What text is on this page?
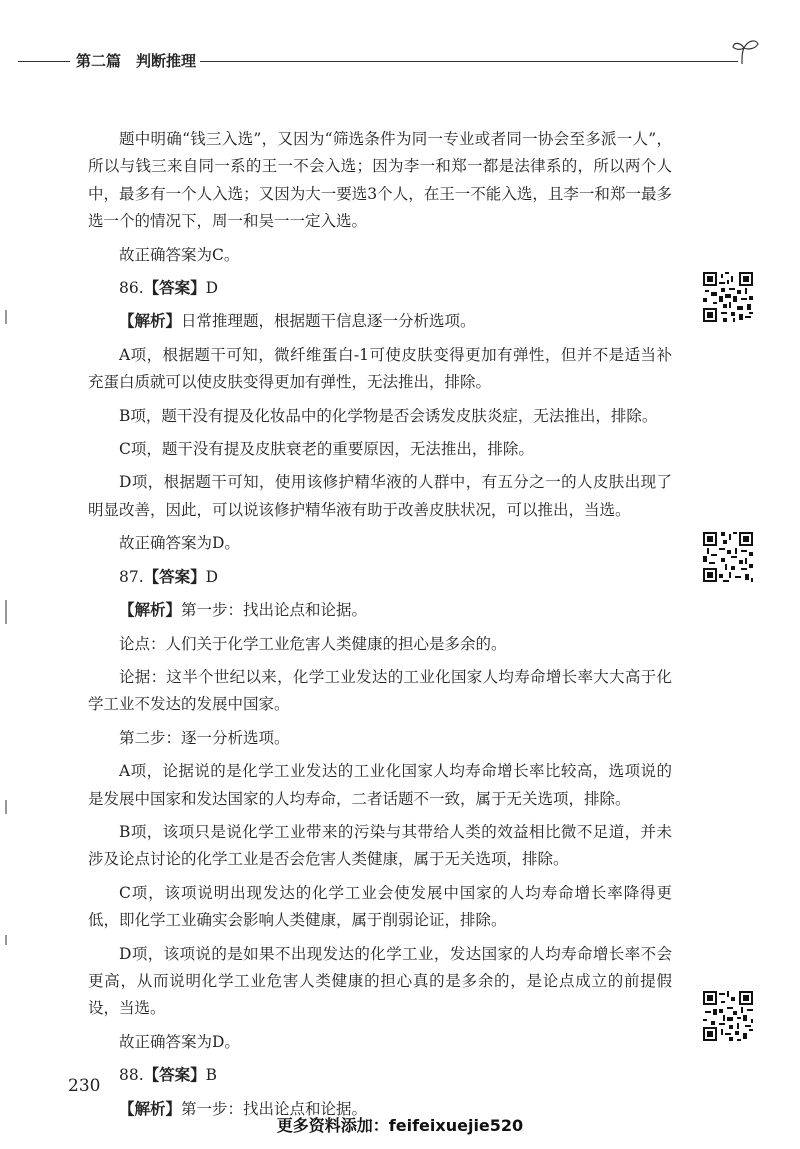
第二篇　判断推理

题中明确“钱三入选”，又因为“筛选条件为同一专业或者同一协会至多派一人”，所以与钱三来自同一系的王一不会入选；因为李一和郑一都是法律系的，所以两个人中，最多有一个人入选；又因为大一要选3个人，在王一不能入选，且李一和郑一最多选一个的情况下，周一和吴一一定入选。

故正确答案为C。

86.【答案】D

【解析】日常推理题，根据题干信息逐一分析选项。

A项，根据题干可知，微纤维蛋白-1可使皮肤变得更加有弹性，但并不是适当补充蛋白质就可以使皮肤变得更加有弹性，无法推出，排除。

B项，题干没有提及化妆品中的化学物是否会诱发皮肤炎症，无法推出，排除。

C项，题干没有提及皮肤衰老的重要原因，无法推出，排除。

D项，根据题干可知，使用该修护精华液的人群中，有五分之一的人皮肤出现了明显改善，因此，可以说该修护精华液有助于改善皮肤状况，可以推出，当选。

故正确答案为D。

87.【答案】D

【解析】第一步：找出论点和论据。

论点：人们关于化学工业危害人类健康的担心是多余的。

论据：这半个世纪以来，化学工业发达的工业化国家人均寿命增长率大大高于化学工业不发达的发展中国家。

第二步：逐一分析选项。

A项，论据说的是化学工业发达的工业化国家人均寿命增长率比较高，选项说的是发展中国家和发达国家的人均寿命，二者话题不一致，属于无关选项，排除。

B项，该项只是说化学工业带来的污染与其带给人类的效益相比微不足道，并未涉及论点讨论的化学工业是否会危害人类健康，属于无关选项，排除。

C项，该项说明出现发达的化学工业会使发展中国家的人均寿命增长率降得更低，即化学工业确实会影响人类健康，属于削弱论证，排除。

D项，该项说的是如果不出现发达的化学工业，发达国家的人均寿命增长率不会更高，从而说明化学工业危害人类健康的担心真的是多余的，是论点成立的前提假设，当选。

故正确答案为D。

88.【答案】B

【解析】第一步：找出论点和论据。

230
更多资料添加：feifeixuejie520
